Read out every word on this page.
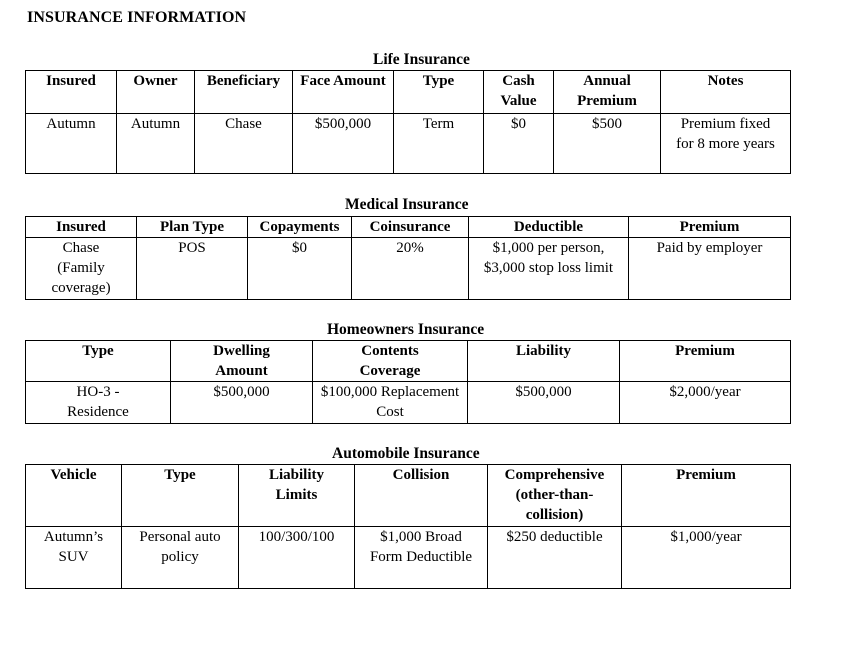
INSURANCE INFORMATION
Life Insurance
Insured	Owner	Beneficiary	Face Amount	Type	Cash Value	Annual Premium	Notes
Autumn	Autumn	Chase	$500,000	Term	$0	$500	Premium fixed for 8 more years
Medical Insurance
Insured	Plan Type	Copayments	Coinsurance	Deductible	Premium
Chase (Family coverage)	POS	$0	20%	$1,000 per person, $3,000 stop loss limit	Paid by employer
Homeowners Insurance
Type	Dwelling Amount	Contents Coverage	Liability	Premium
HO-3 - Residence	$500,000	$100,000 Replacement Cost	$500,000	$2,000/year
Automobile Insurance
Vehicle	Type	Liability Limits	Collision	Comprehensive (other-than-collision)	Premium
Autumn’s SUV	Personal auto policy	100/300/100	$1,000 Broad Form Deductible	$250 deductible	$1,000/year
